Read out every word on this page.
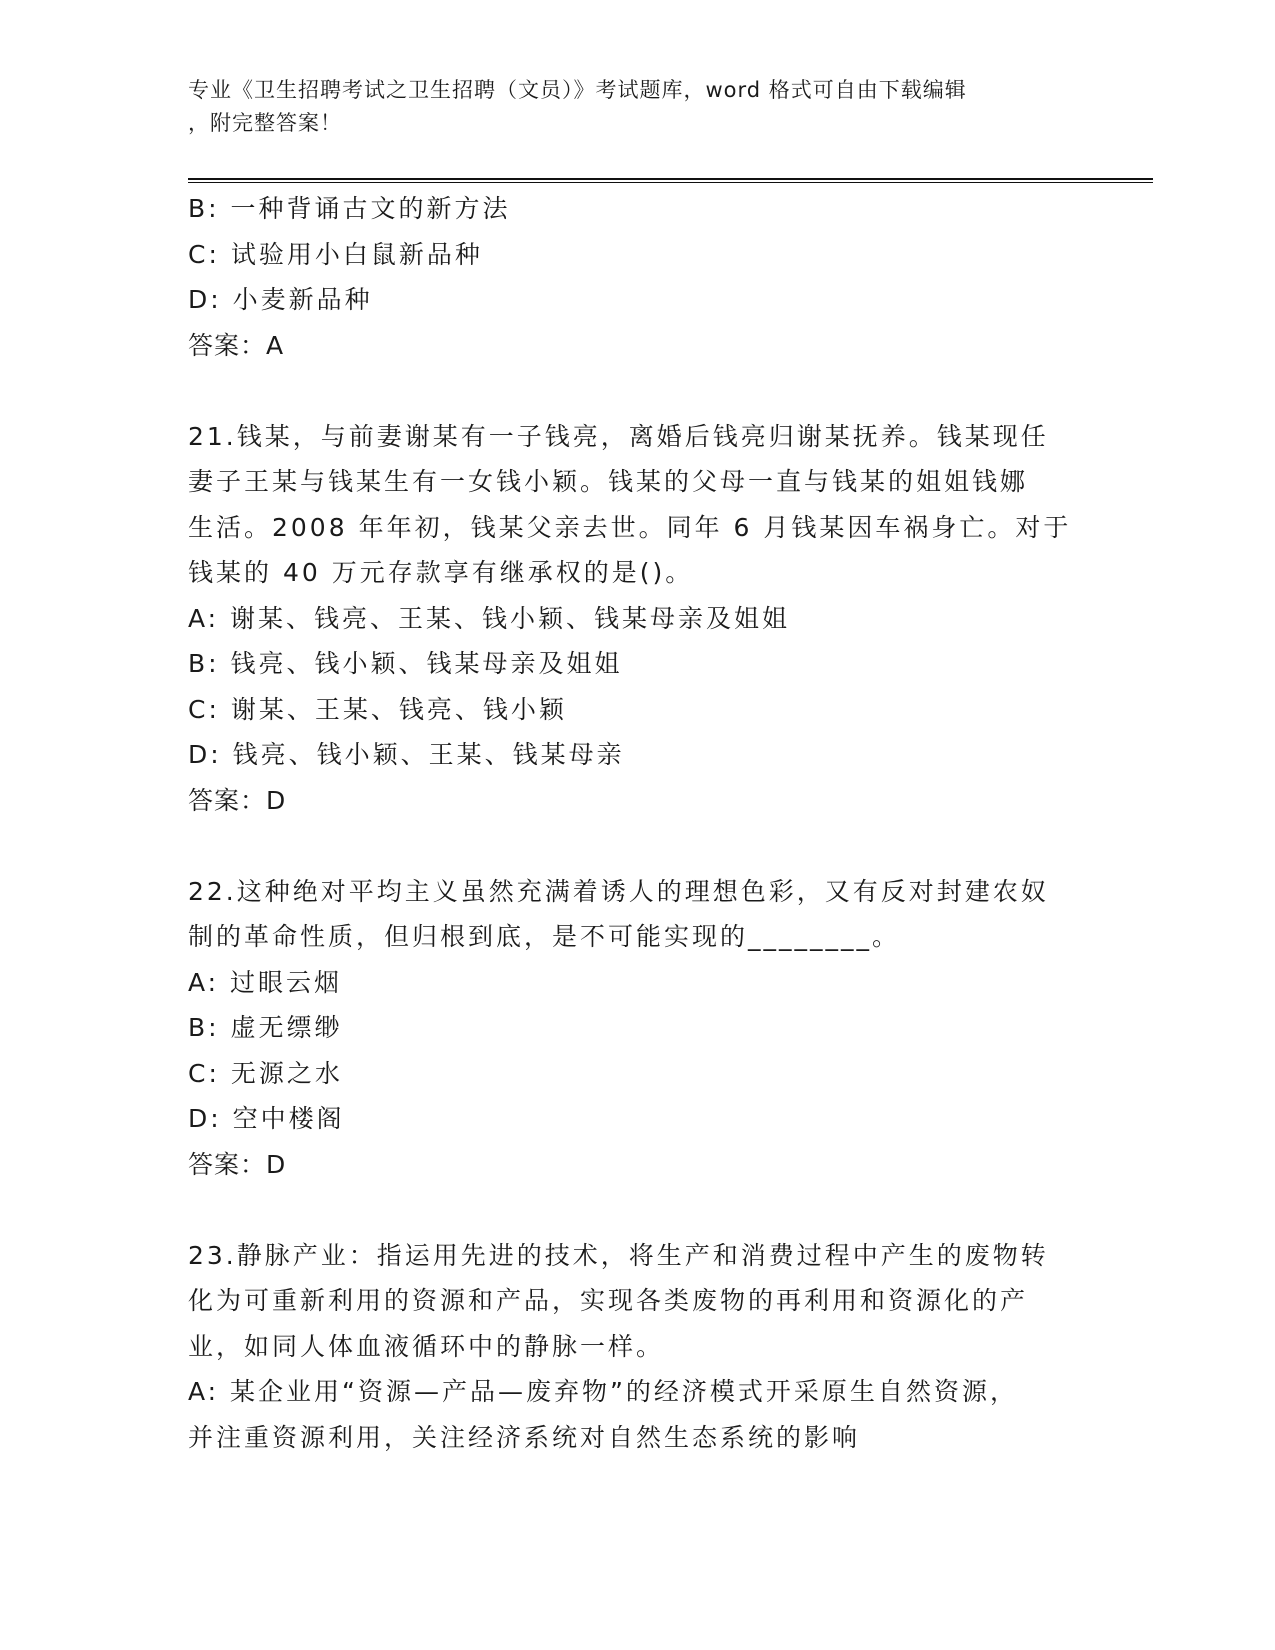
专业《卫生招聘考试之卫生招聘（文员）》考试题库，word 格式可自由下载编辑
，附完整答案！
B: 一种背诵古文的新方法
C: 试验用小白鼠新品种
D: 小麦新品种
答案：A
21.钱某，与前妻谢某有一子钱亮，离婚后钱亮归谢某抚养。钱某现任
妻子王某与钱某生有一女钱小颖。钱某的父母一直与钱某的姐姐钱娜
生活。2008 年年初，钱某父亲去世。同年 6 月钱某因车祸身亡。对于
钱某的 40 万元存款享有继承权的是()。
A: 谢某、钱亮、王某、钱小颖、钱某母亲及姐姐
B: 钱亮、钱小颖、钱某母亲及姐姐
C: 谢某、王某、钱亮、钱小颖
D: 钱亮、钱小颖、王某、钱某母亲
答案：D
22.这种绝对平均主义虽然充满着诱人的理想色彩，又有反对封建农奴
制的革命性质，但归根到底，是不可能实现的________。
A: 过眼云烟
B: 虚无缥缈
C: 无源之水
D: 空中楼阁
答案：D
23.静脉产业：指运用先进的技术，将生产和消费过程中产生的废物转
化为可重新利用的资源和产品，实现各类废物的再利用和资源化的产
业，如同人体血液循环中的静脉一样。
A: 某企业用“资源—产品—废弃物”的经济模式开采原生自然资源，
并注重资源利用，关注经济系统对自然生态系统的影响
